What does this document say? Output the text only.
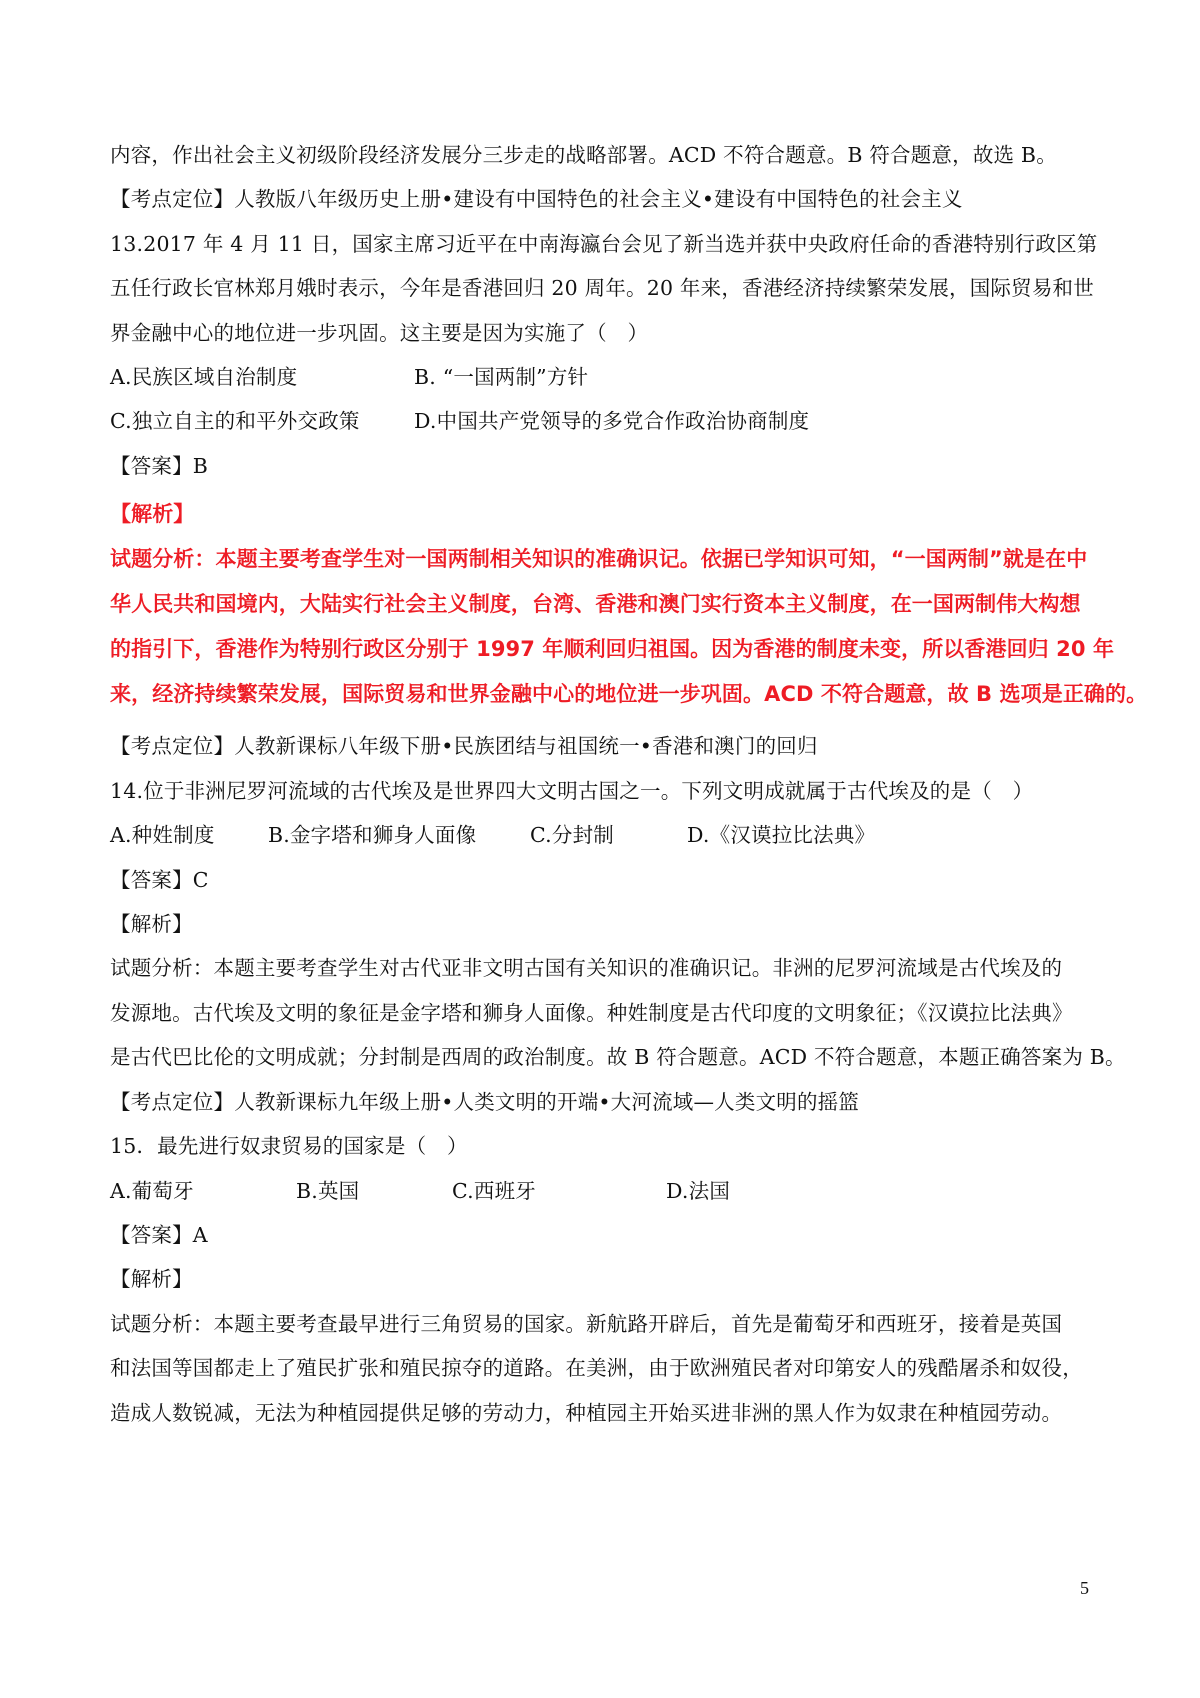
内容，作出社会主义初级阶段经济发展分三步走的战略部署。ACD 不符合题意。B 符合题意，故选 B。
【考点定位】人教版八年级历史上册•建设有中国特色的社会主义•建设有中国特色的社会主义
13.2017 年 4 月 11 日，国家主席习近平在中南海瀛台会见了新当选并获中央政府任命的香港特别行政区第
五任行政长官林郑月娥时表示，今年是香港回归 20 周年。20 年来，香港经济持续繁荣发展，国际贸易和世
界金融中心的地位进一步巩固。这主要是因为实施了（　）
A.民族区域自治制度	B. “一国两制”方针
C.独立自主的和平外交政策	D.中国共产党领导的多党合作政治协商制度
【答案】B
【解析】
试题分析：本题主要考查学生对一国两制相关知识的准确识记。依据已学知识可知，“一国两制”就是在中
华人民共和国境内，大陆实行社会主义制度，台湾、香港和澳门实行资本主义制度，在一国两制伟大构想
的指引下，香港作为特别行政区分别于 1997 年顺利回归祖国。因为香港的制度未变，所以香港回归 20 年
来，经济持续繁荣发展，国际贸易和世界金融中心的地位进一步巩固。ACD 不符合题意，故 B 选项是正确的。
【考点定位】人教新课标八年级下册•民族团结与祖国统一•香港和澳门的回归
14.位于非洲尼罗河流域的古代埃及是世界四大文明古国之一。下列文明成就属于古代埃及的是（　）
A.种姓制度	B.金字塔和狮身人面像	C.分封制	D.《汉谟拉比法典》
【答案】C
【解析】
试题分析：本题主要考查学生对古代亚非文明古国有关知识的准确识记。非洲的尼罗河流域是古代埃及的
发源地。古代埃及文明的象征是金字塔和狮身人面像。种姓制度是古代印度的文明象征；《汉谟拉比法典》
是古代巴比伦的文明成就；分封制是西周的政治制度。故 B 符合题意。ACD 不符合题意，本题正确答案为 B。
【考点定位】人教新课标九年级上册•人类文明的开端•大河流域—人类文明的摇篮
15．最先进行奴隶贸易的国家是（　）
A.葡萄牙	B.英国	C.西班牙	D.法国
【答案】A
【解析】
试题分析：本题主要考查最早进行三角贸易的国家。新航路开辟后，首先是葡萄牙和西班牙，接着是英国
和法国等国都走上了殖民扩张和殖民掠夺的道路。在美洲，由于欧洲殖民者对印第安人的残酷屠杀和奴役，
造成人数锐减，无法为种植园提供足够的劳动力，种植园主开始买进非洲的黑人作为奴隶在种植园劳动。
5
